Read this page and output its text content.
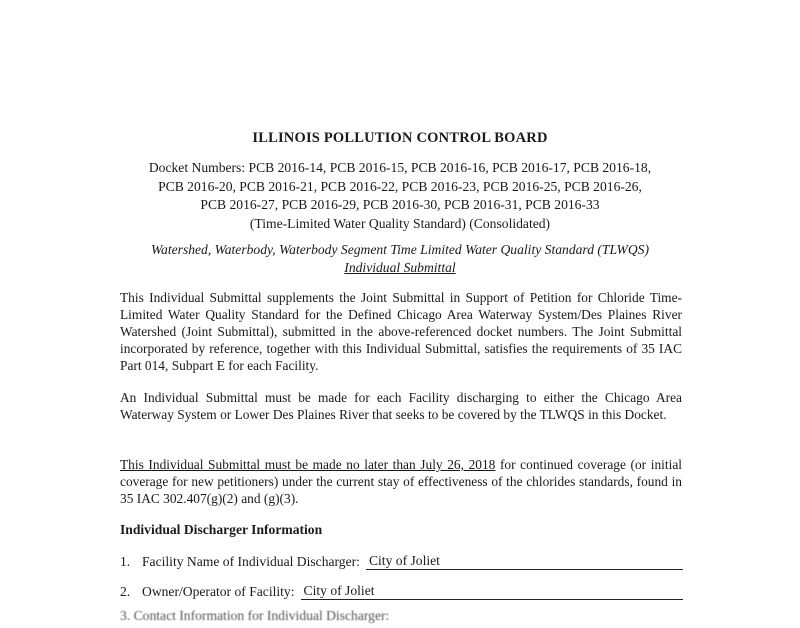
ILLINOIS POLLUTION CONTROL BOARD
Docket Numbers: PCB 2016-14, PCB 2016-15, PCB 2016-16, PCB 2016-17, PCB 2016-18,
PCB 2016-20, PCB 2016-21, PCB 2016-22, PCB 2016-23, PCB 2016-25, PCB 2016-26,
PCB 2016-27, PCB 2016-29, PCB 2016-30, PCB 2016-31, PCB 2016-33
(Time-Limited Water Quality Standard) (Consolidated)
Watershed, Waterbody, Waterbody Segment Time Limited Water Quality Standard (TLWQS)
Individual Submittal
This Individual Submittal supplements the Joint Submittal in Support of Petition for Chloride Time-Limited Water Quality Standard for the Defined Chicago Area Waterway System/Des Plaines River Watershed (Joint Submittal), submitted in the above-referenced docket numbers. The Joint Submittal incorporated by reference, together with this Individual Submittal, satisfies the requirements of 35 IAC Part 014, Subpart E for each Facility.
An Individual Submittal must be made for each Facility discharging to either the Chicago Area Waterway System or Lower Des Plaines River that seeks to be covered by the TLWQS in this Docket.
This Individual Submittal must be made no later than July 26, 2018 for continued coverage (or initial coverage for new petitioners) under the current stay of effectiveness of the chlorides standards, found in 35 IAC 302.407(g)(2) and (g)(3).
Individual Discharger Information
1. Facility Name of Individual Discharger: City of Joliet
2. Owner/Operator of Facility: City of Joliet
3. Contact Information for Individual Discharger:
